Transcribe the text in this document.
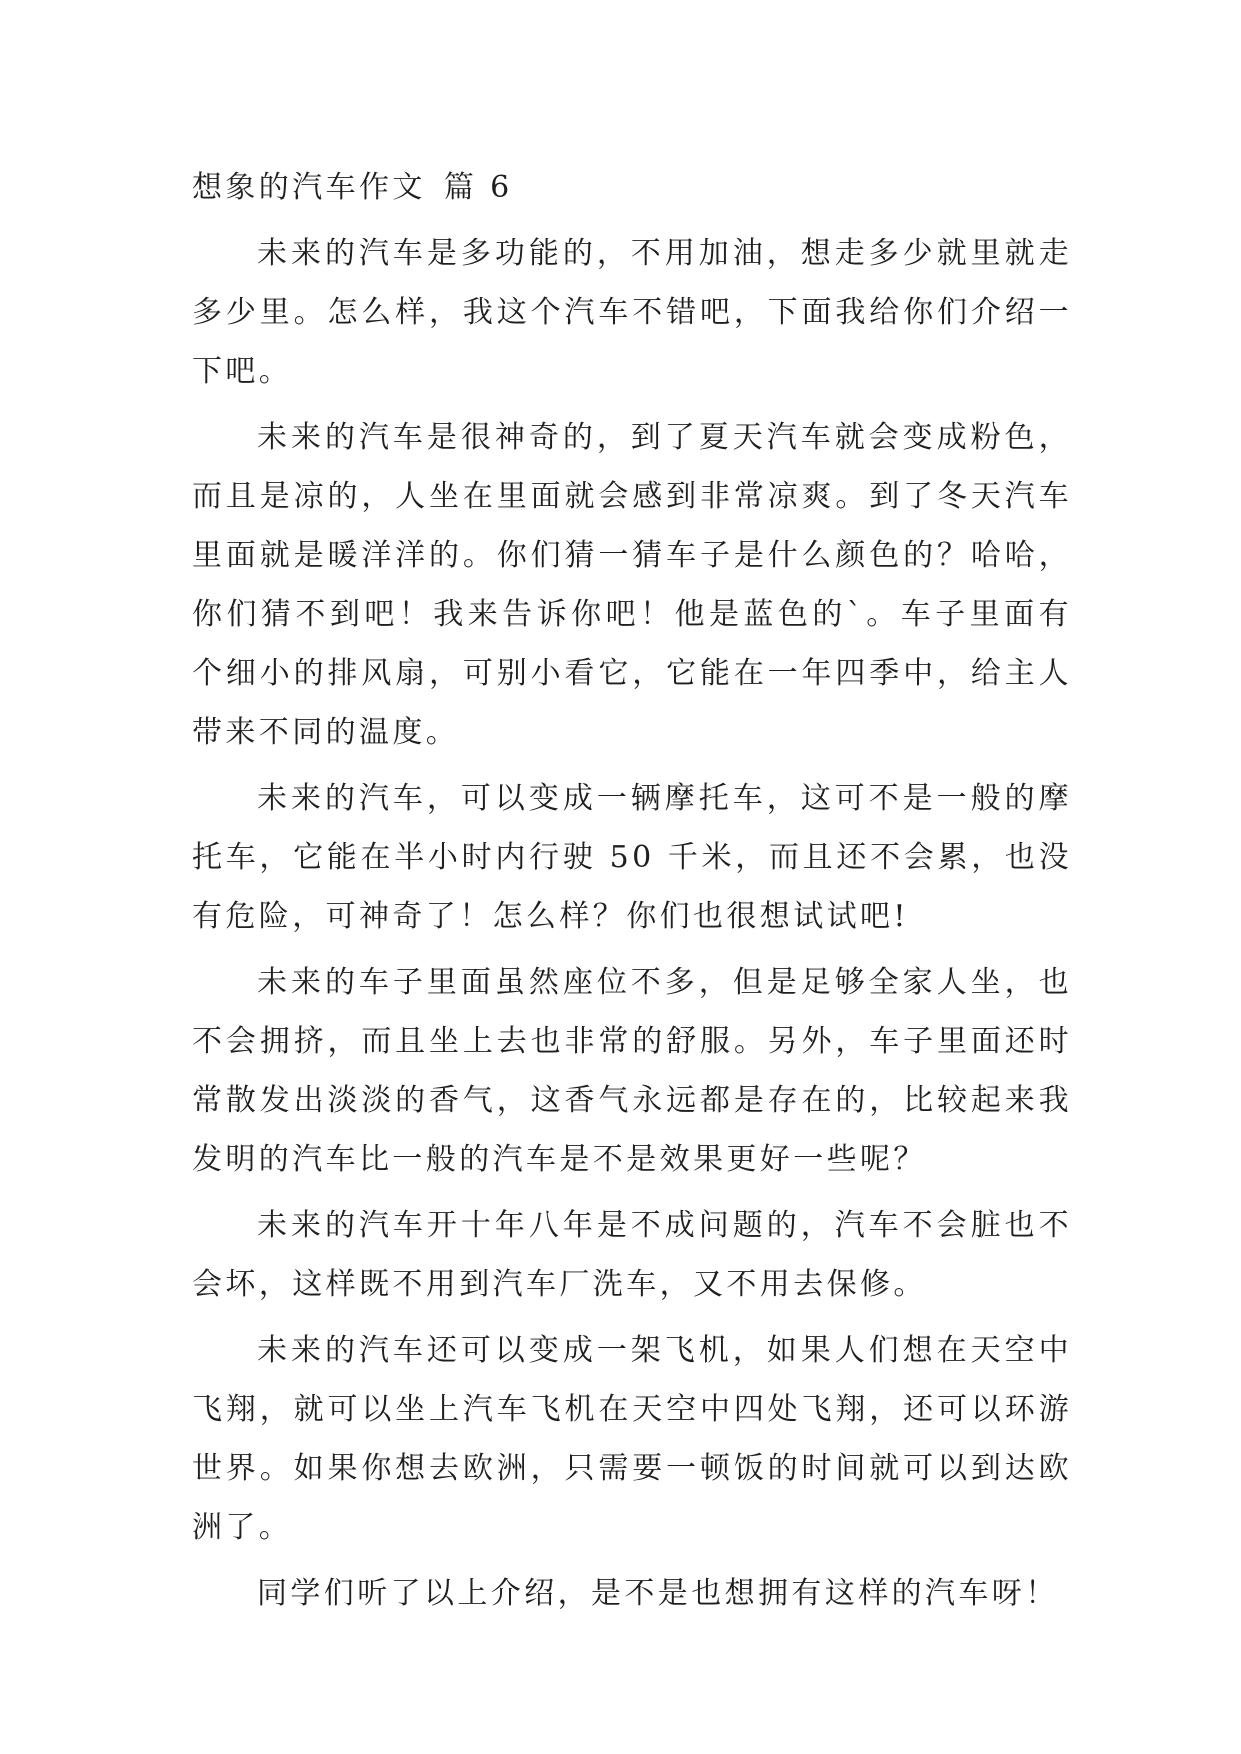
想象的汽车作文 篇 6

未来的汽车是多功能的，不用加油，想走多少就里就走多少里。怎么样，我这个汽车不错吧，下面我给你们介绍一下吧。

未来的汽车是很神奇的，到了夏天汽车就会变成粉色，而且是凉的，人坐在里面就会感到非常凉爽。到了冬天汽车里面就是暖洋洋的。你们猜一猜车子是什么颜色的？哈哈，你们猜不到吧！我来告诉你吧！他是蓝色的`。车子里面有个细小的排风扇，可别小看它，它能在一年四季中，给主人带来不同的温度。

未来的汽车，可以变成一辆摩托车，这可不是一般的摩托车，它能在半小时内行驶 50 千米，而且还不会累，也没有危险，可神奇了！怎么样？你们也很想试试吧!

未来的车子里面虽然座位不多，但是足够全家人坐，也不会拥挤，而且坐上去也非常的舒服。另外，车子里面还时常散发出淡淡的香气，这香气永远都是存在的，比较起来我发明的汽车比一般的汽车是不是效果更好一些呢？

未来的汽车开十年八年是不成问题的，汽车不会脏也不会坏，这样既不用到汽车厂洗车，又不用去保修。

未来的汽车还可以变成一架飞机，如果人们想在天空中飞翔，就可以坐上汽车飞机在天空中四处飞翔，还可以环游世界。如果你想去欧洲，只需要一顿饭的时间就可以到达欧洲了。

同学们听了以上介绍，是不是也想拥有这样的汽车呀！
